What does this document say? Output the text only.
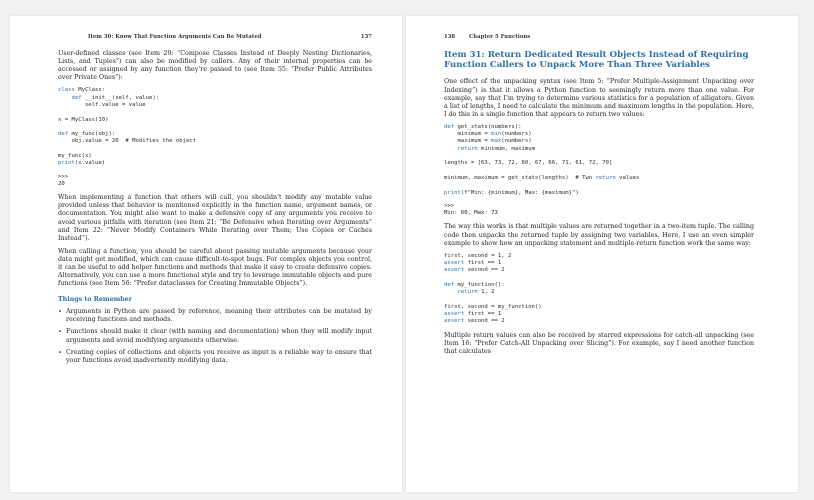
Item 30: Know That Function Arguments Can Be Mutated	137

User-defined classes (see Item 29: “Compose Classes Instead of Deeply Nesting Dictionaries, Lists, and Tuples”) can also be modified by callers. Any of their internal properties can be accessed or assigned by any function they’re passed to (see Item 55: “Prefer Public Attributes over Private Ones”):

class MyClass:
def __init__(self, value):
self.value = value

x = MyClass(10)

def my_func(obj):
obj.value = 20  # Modifies the object

my_func(x)
print(x.value)
>>>
20

When implementing a function that others will call, you shouldn’t modify any mutable value provided unless that behavior is mentioned explicitly in the function name, argument names, or documentation. You might also want to make a defensive copy of any arguments you receive to avoid various pitfalls with iteration (see Item 21: “Be Defensive when Iterating over Arguments” and Item 22: “Never Modify Containers While Iterating over Them; Use Copies or Caches Instead”).

When calling a function, you should be careful about passing mutable arguments because your data might get modified, which can cause difficult-to-spot bugs. For complex objects you control, it can be useful to add helper functions and methods that make it easy to create defensive copies. Alternatively, you can use a more functional style and try to leverage immutable objects and pure functions (see Item 56: “Prefer dataclasses for Creating Immutable Objects”).

Things to Remember
• Arguments in Python are passed by reference, meaning their attributes can be mutated by receiving functions and methods.
• Functions should make it clear (with naming and documentation) when they will modify input arguments and avoid modifying arguments otherwise.
• Creating copies of collections and objects you receive as input is a reliable way to ensure that your functions avoid inadvertently modifying data.
138	Chapter 5 Functions
Item 31: Return Dedicated Result Objects Instead of Requiring Function Callers to Unpack More Than Three Variables

One effect of the unpacking syntax (see Item 5: “Prefer Multiple-Assignment Unpacking over Indexing”) is that it allows a Python function to seemingly return more than one value. For example, say that I’m trying to determine various statistics for a population of alligators. Given a list of lengths, I need to calculate the minimum and maximum lengths in the population. Here, I do this in a single function that appears to return two values:

def get_stats(numbers):
minimum = min(numbers)
maximum = max(numbers)
return minimum, maximum

lengths = [63, 73, 72, 60, 67, 66, 71, 61, 72, 70]

minimum, maximum = get_stats(lengths)  # Two return values

print(f"Min: {minimum}, Max: {maximum}")
>>>
Min: 60, Max: 73

The way this works is that multiple values are returned together in a two-item tuple. The calling code then unpacks the returned tuple by assigning two variables. Here, I use an even simpler example to show how an unpacking statement and multiple-return function work the same way:

first, second = 1, 2
assert first == 1
assert second == 2

def my_function():
return 1, 2

first, second = my_function()
assert first == 1
assert second == 2

Multiple return values can also be received by starred expressions for catch-all unpacking (see Item 16: “Prefer Catch-All Unpacking over Slicing”). For example, say I need another function that calculates
